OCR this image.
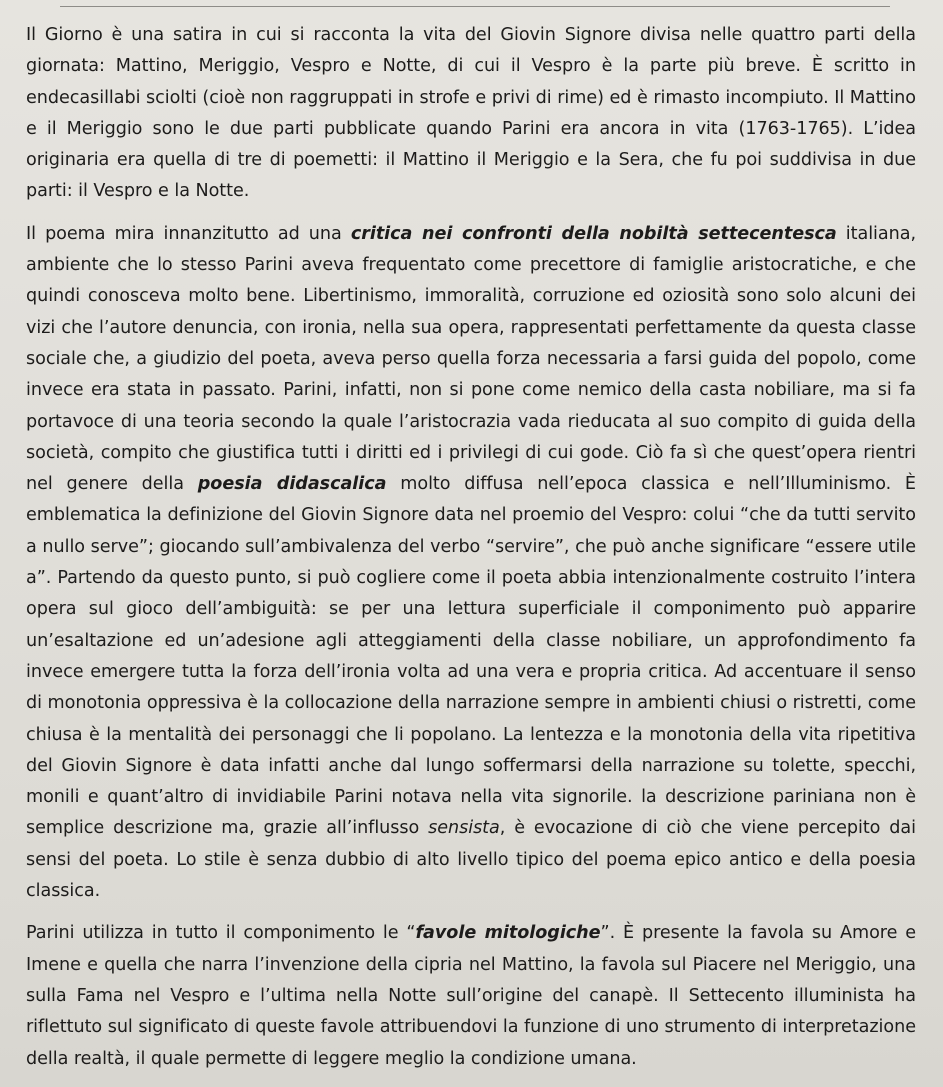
Il Giorno è una satira in cui si racconta la vita del Giovin Signore divisa nelle quattro parti della giornata: Mattino, Meriggio, Vespro e Notte, di cui il Vespro è la parte più breve. È scritto in endecasillabi sciolti (cioè non raggruppati in strofe e privi di rime) ed è rimasto incompiuto. Il Mattino e il Meriggio sono le due parti pubblicate quando Parini era ancora in vita (1763-1765). L’idea originaria era quella di tre di poemetti: il Mattino il Meriggio e la Sera, che fu poi suddivisa in due parti: il Vespro e la Notte.

Il poema mira innanzitutto ad una critica nei confronti della nobiltà settecentesca italiana, ambiente che lo stesso Parini aveva frequentato come precettore di famiglie aristocratiche, e che quindi conosceva molto bene. Libertinismo, immoralità, corruzione ed oziosità sono solo alcuni dei vizi che l’autore denuncia, con ironia, nella sua opera, rappresentati perfettamente da questa classe sociale che, a giudizio del poeta, aveva perso quella forza necessaria a farsi guida del popolo, come invece era stata in passato. Parini, infatti, non si pone come nemico della casta nobiliare, ma si fa portavoce di una teoria secondo la quale l’aristocrazia vada rieducata al suo compito di guida della società, compito che giustifica tutti i diritti ed i privilegi di cui gode. Ciò fa sì che quest’opera rientri nel genere della poesia didascalica molto diffusa nell’epoca classica e nell’Illuminismo. È emblematica la definizione del Giovin Signore data nel proemio del Vespro: colui “che da tutti servito a nullo serve”; giocando sull’ambivalenza del verbo “servire”, che può anche significare “essere utile a”. Partendo da questo punto, si può cogliere come il poeta abbia intenzionalmente costruito l’intera opera sul gioco dell’ambiguità: se per una lettura superficiale il componimento può apparire un’esaltazione ed un’adesione agli atteggiamenti della classe nobiliare, un approfondimento fa invece emergere tutta la forza dell’ironia volta ad una vera e propria critica. Ad accentuare il senso di monotonia oppressiva è la collocazione della narrazione sempre in ambienti chiusi o ristretti, come chiusa è la mentalità dei personaggi che li popolano. La lentezza e la monotonia della vita ripetitiva del Giovin Signore è data infatti anche dal lungo soffermarsi della narrazione su tolette, specchi, monili e quant’altro di invidiabile Parini notava nella vita signorile. la descrizione pariniana non è semplice descrizione ma, grazie all’influsso sensista, è evocazione di ciò che viene percepito dai sensi del poeta. Lo stile è senza dubbio di alto livello tipico del poema epico antico e della poesia classica.

Parini utilizza in tutto il componimento le “favole mitologiche”. È presente la favola su Amore e Imene e quella che narra l’invenzione della cipria nel Mattino, la favola sul Piacere nel Meriggio, una sulla Fama nel Vespro e l’ultima nella Notte sull’origine del canapè. Il Settecento illuminista ha riflettuto sul significato di queste favole attribuendovi la funzione di uno strumento di interpretazione della realtà, il quale permette di leggere meglio la condizione umana.
